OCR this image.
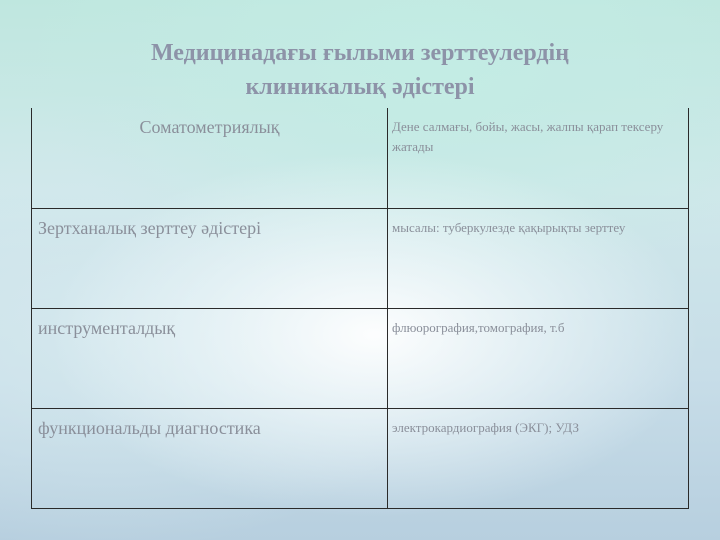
Медицинадағы ғылыми зерттеулердің
клиникалық әдістері
Соматометриялық	Дене салмағы, бойы, жасы, жалпы қарап тексеру жатады

Зертханалық зерттеу әдістері	мысалы: туберкулезде қақырықты зерттеу

инструменталдық	флюорография,томография, т.б

функциональды диагностика	электрокардиография (ЭКГ); УДЗ
